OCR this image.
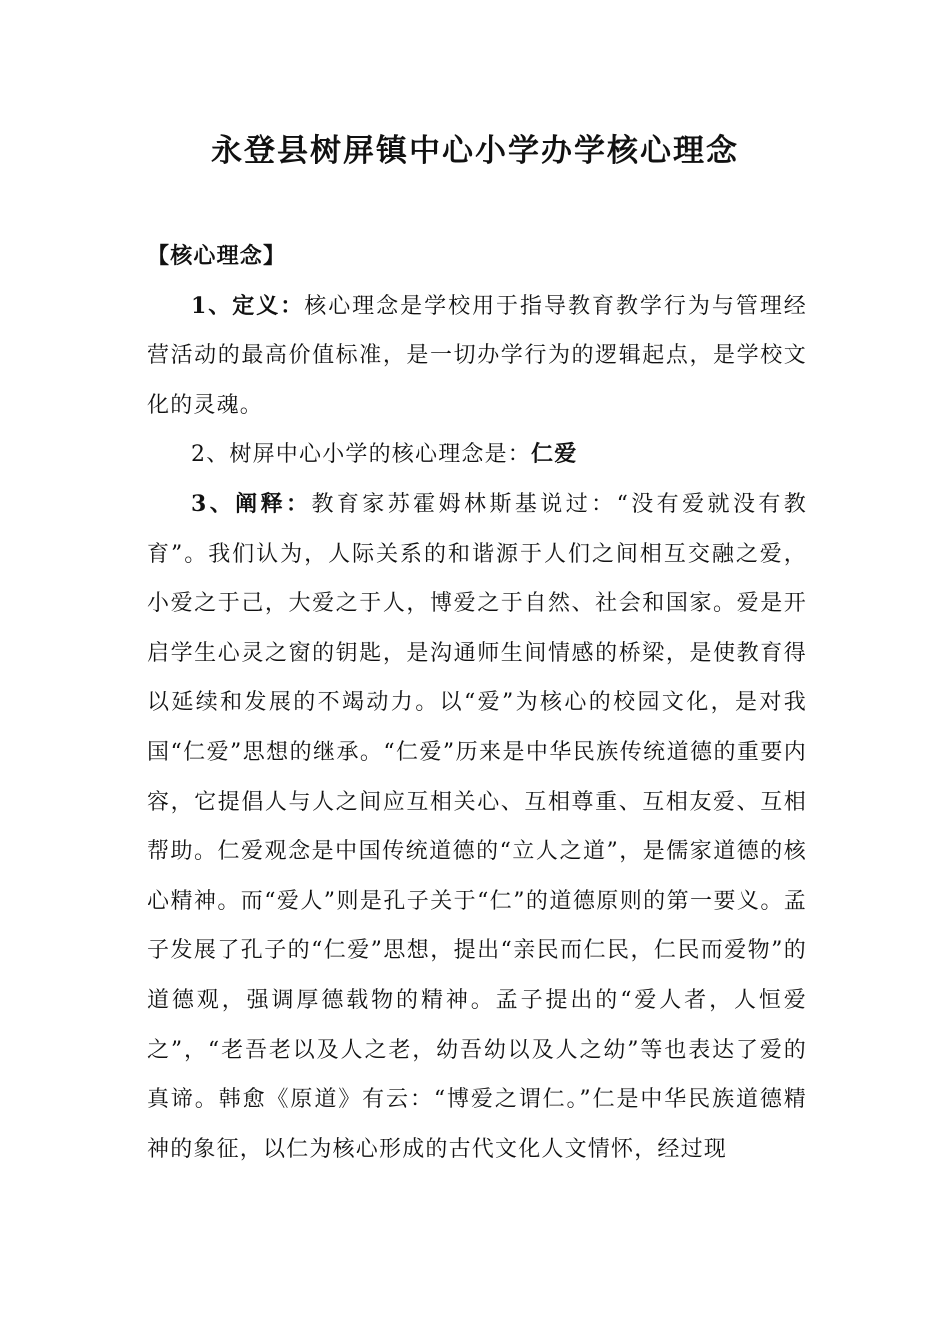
永登县树屏镇中心小学办学核心理念

【核心理念】

1、定义：核心理念是学校用于指导教育教学行为与管理经营活动的最高价值标准，是一切办学行为的逻辑起点，是学校文化的灵魂。

2、树屏中心小学的核心理念是：仁爱

3、阐释：教育家苏霍姆林斯基说过：“没有爱就没有教育”。我们认为，人际关系的和谐源于人们之间相互交融之爱，小爱之于己，大爱之于人，博爱之于自然、社会和国家。爱是开启学生心灵之窗的钥匙，是沟通师生间情感的桥梁，是使教育得以延续和发展的不竭动力。以“爱”为核心的校园文化，是对我国“仁爱”思想的继承。“仁爱”历来是中华民族传统道德的重要内容，它提倡人与人之间应互相关心、互相尊重、互相友爱、互相帮助。仁爱观念是中国传统道德的“立人之道”，是儒家道德的核心精神。而“爱人”则是孔子关于“仁”的道德原则的第一要义。孟子发展了孔子的“仁爱”思想，提出“亲民而仁民，仁民而爱物”的道德观，强调厚德载物的精神。孟子提出的“爱人者，人恒爱之”，“老吾老以及人之老，幼吾幼以及人之幼”等也表达了爱的真谛。韩愈《原道》有云：“博爱之谓仁。”仁是中华民族道德精神的象征，以仁为核心形成的古代文化人文情怀，经过现
